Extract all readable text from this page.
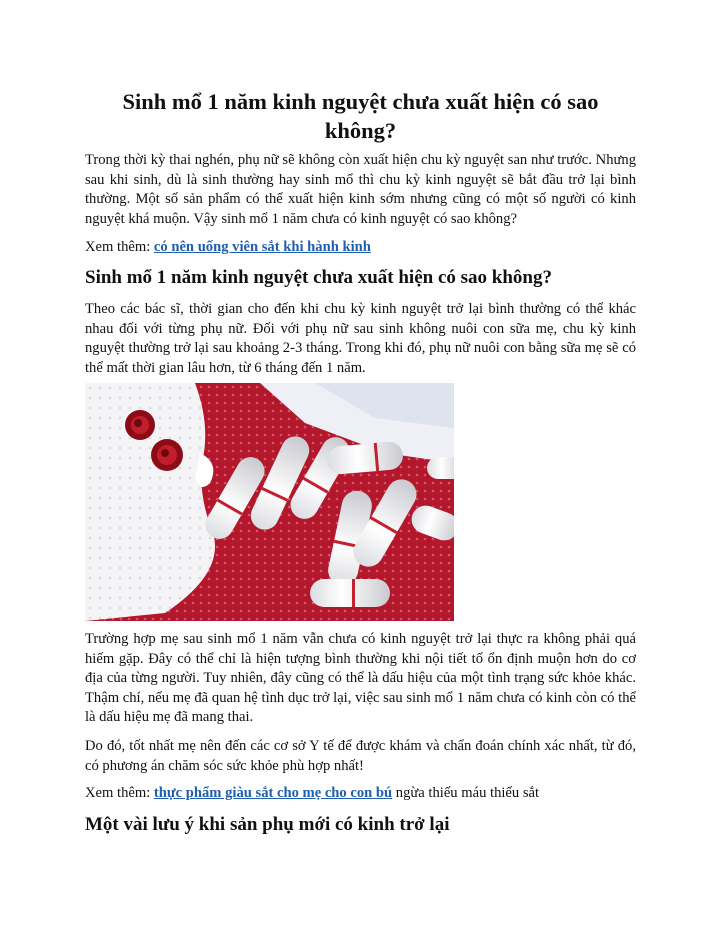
Sinh mổ 1 năm kinh nguyệt chưa xuất hiện có sao không?

Trong thời kỳ thai nghén, phụ nữ sẽ không còn xuất hiện chu kỳ nguyệt san như trước. Nhưng sau khi sinh, dù là sinh thường hay sinh mổ thì chu kỳ kinh nguyệt sẽ bắt đầu trở lại bình thường. Một số sản phẩm có thể xuất hiện kinh sớm nhưng cũng có một số người có kinh nguyệt khá muộn. Vậy sinh mổ 1 năm chưa có kinh nguyệt có sao không?

Xem thêm: có nên uống viên sắt khi hành kinh

Sinh mổ 1 năm kinh nguyệt chưa xuất hiện có sao không?

Theo các bác sĩ, thời gian cho đến khi chu kỳ kinh nguyệt trở lại bình thường có thể khác nhau đối với từng phụ nữ. Đối với phụ nữ sau sinh không nuôi con sữa mẹ, chu kỳ kinh nguyệt thường trở lại sau khoảng 2-3 tháng. Trong khi đó, phụ nữ nuôi con bằng sữa mẹ sẽ có thể mất thời gian lâu hơn, từ 6 tháng đến 1 năm.

Trường hợp mẹ sau sinh mổ 1 năm vẫn chưa có kinh nguyệt trở lại thực ra không phải quá hiếm gặp. Đây có thể chỉ là hiện tượng bình thường khi nội tiết tố ổn định muộn hơn do cơ địa của từng người. Tuy nhiên, đây cũng có thể là dấu hiệu của một tình trạng sức khỏe khác. Thậm chí, nếu mẹ đã quan hệ tình dục trở lại, việc sau sinh mổ 1 năm chưa có kinh còn có thể là dấu hiệu mẹ đã mang thai.

Do đó, tốt nhất mẹ nên đến các cơ sở Y tế để được khám và chẩn đoán chính xác nhất, từ đó, có phương án chăm sóc sức khỏe phù hợp nhất!

Xem thêm: thực phẩm giàu sắt cho mẹ cho con bú ngừa thiếu máu thiếu sắt

Một vài lưu ý khi sản phụ mới có kinh trở lại
